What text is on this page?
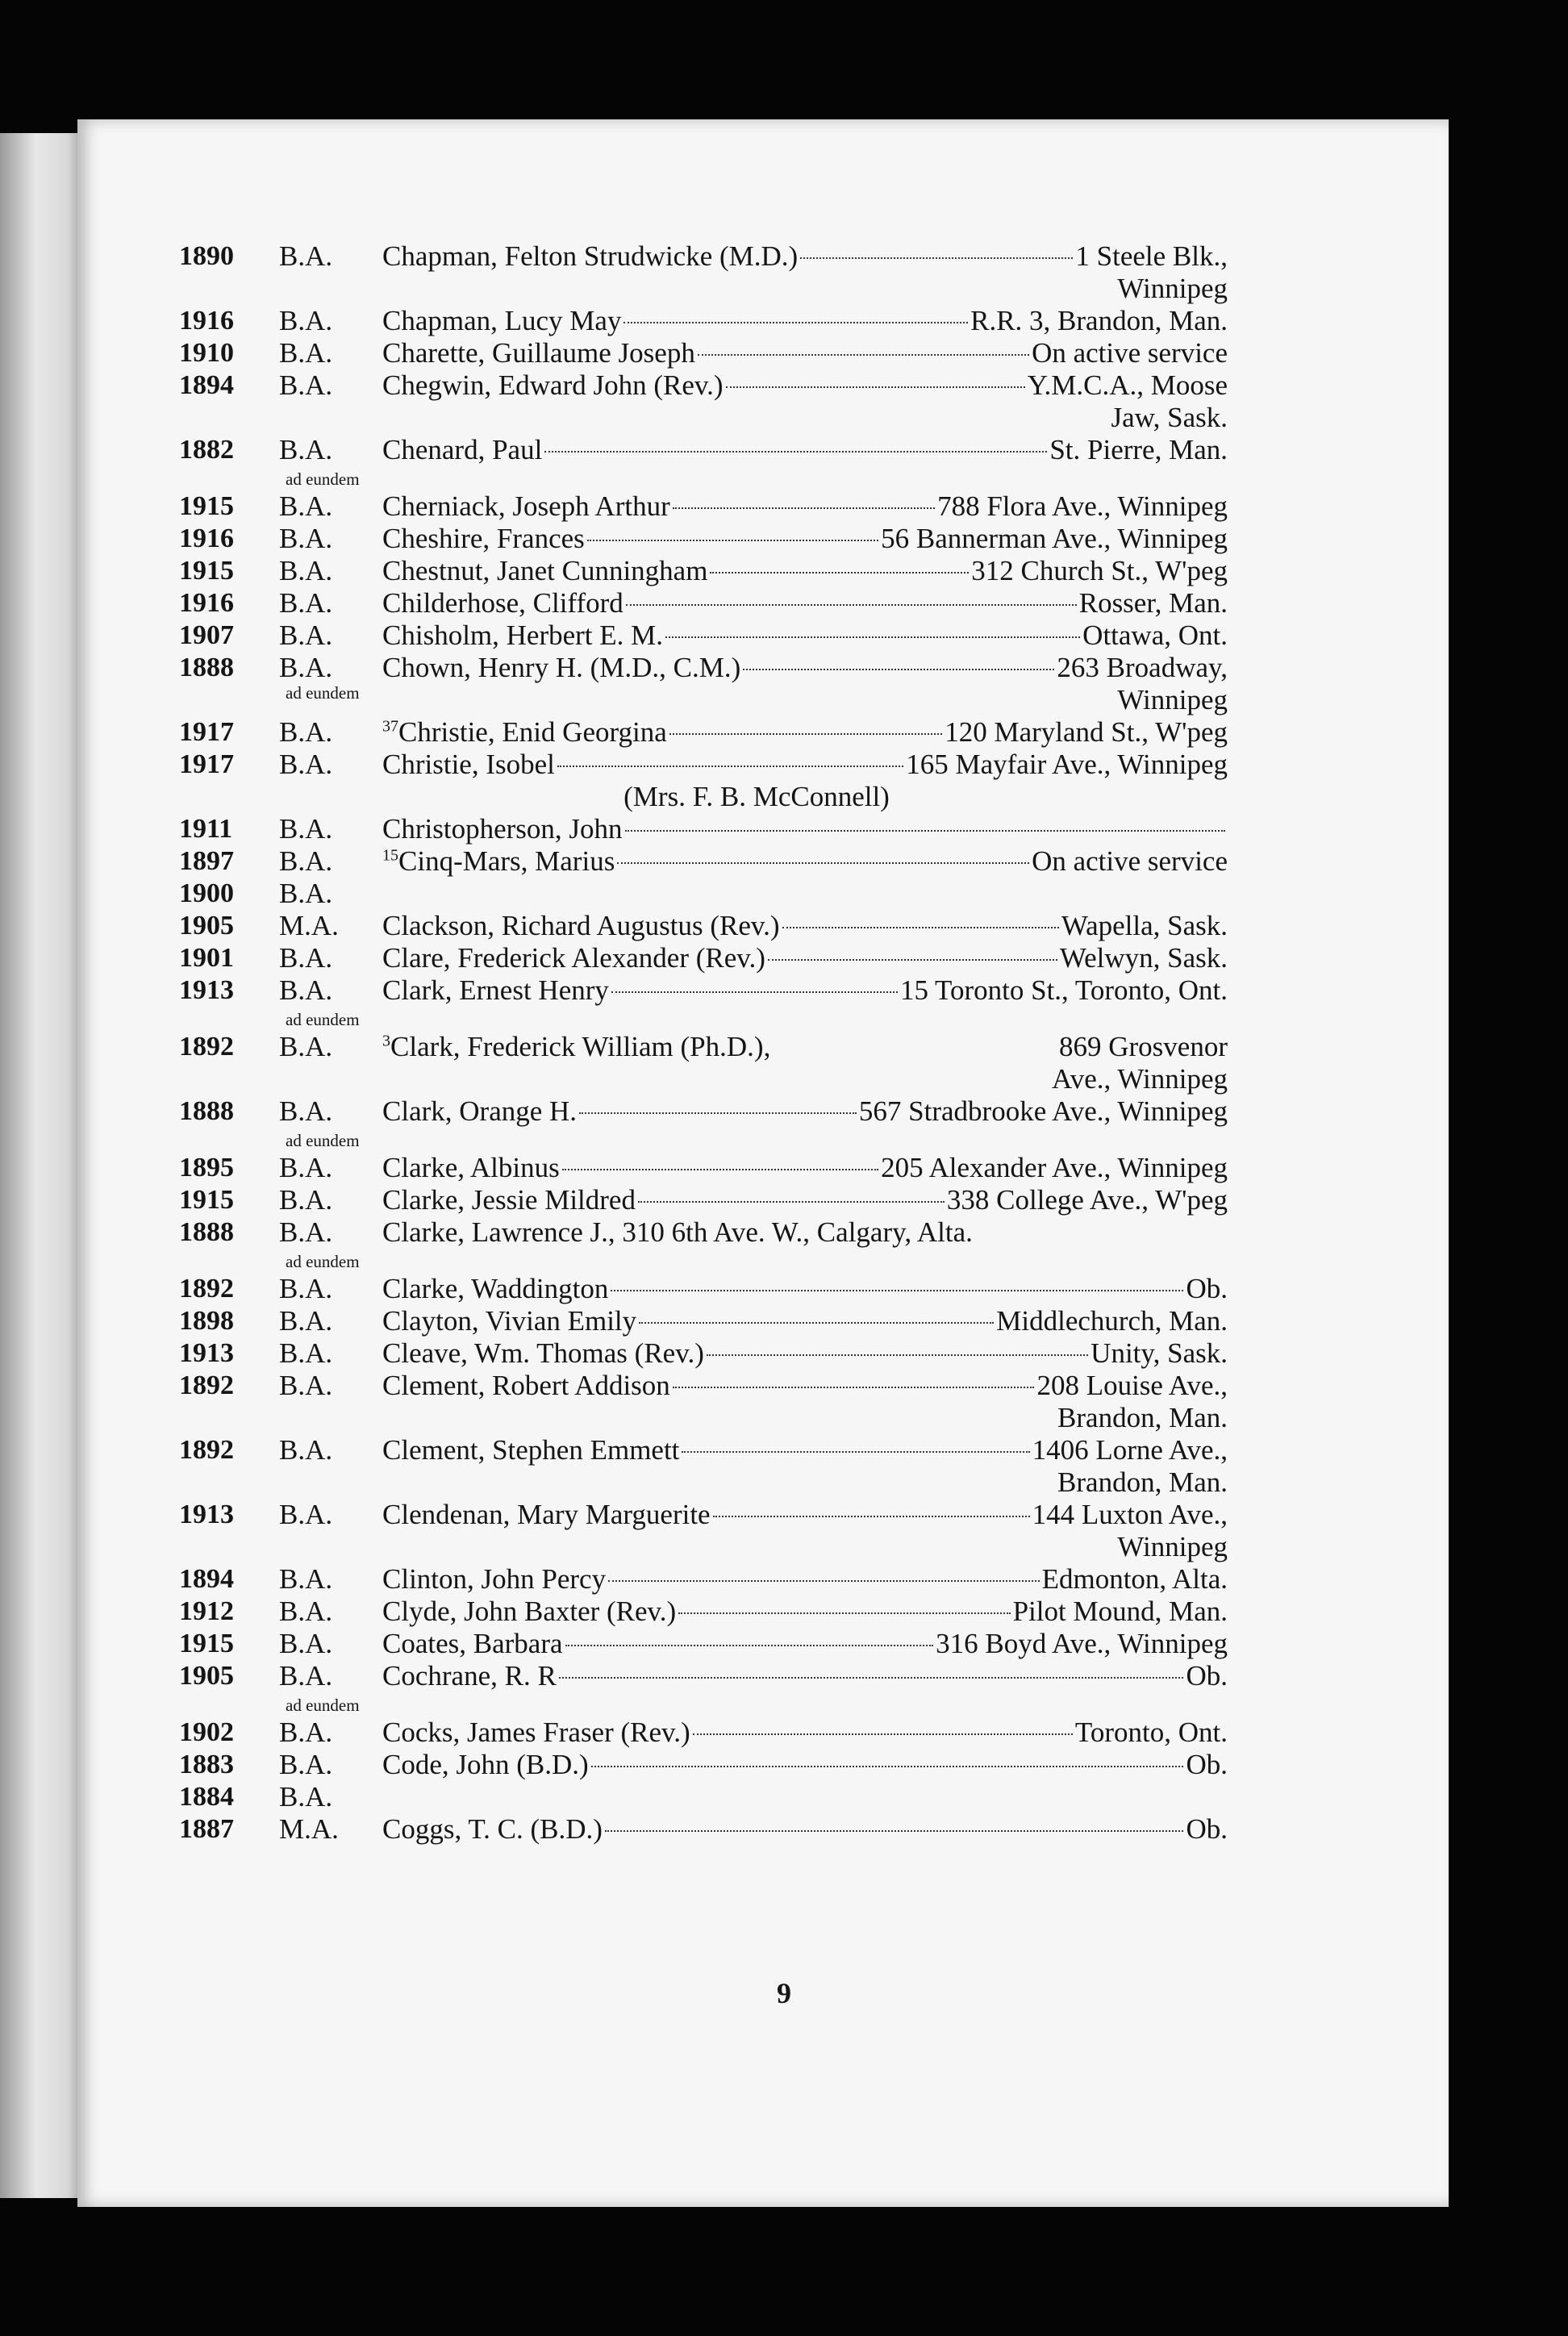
1890	B.A.	Chapman, Felton Strudwicke (M.D.)	1 Steele Blk.,
Winnipeg
1916	B.A.	Chapman, Lucy May	R.R. 3, Brandon, Man.
1910	B.A.	Charette, Guillaume Joseph	On active service
1894	B.A.	Chegwin, Edward John (Rev.)	Y.M.C.A., Moose
Jaw, Sask.
1882	B.A.	Chenard, Paul	St. Pierre, Man.
ad eundem
1915	B.A.	Cherniack, Joseph Arthur	788 Flora Ave., Winnipeg
1916	B.A.	Cheshire, Frances	56 Bannerman Ave., Winnipeg
1915	B.A.	Chestnut, Janet Cunningham	312 Church St., W'peg
1916	B.A.	Childerhose, Clifford	Rosser, Man.
1907	B.A.	Chisholm, Herbert E. M.	Ottawa, Ont.
1888	B.A.	Chown, Henry H. (M.D., C.M.)	263 Broadway,
Winnipeg
ad eundem
1917	B.A.	$^{37}$Christie, Enid Georgina	120 Maryland St., W'peg
1917	B.A.	Christie, Isobel	165 Mayfair Ave., Winnipeg
(Mrs. F. B. McConnell)
1911	B.A.	Christopherson, John
1897	B.A.	$^{15}$Cinq-Mars, Marius	On active service
1900	B.A.
1905	M.A.	Clackson, Richard Augustus (Rev.)	Wapella, Sask.
1901	B.A.	Clare, Frederick Alexander (Rev.)	Welwyn, Sask.
1913	B.A.	Clark, Ernest Henry	15 Toronto St., Toronto, Ont.
ad eundem
1892	B.A.	$^3$Clark, Frederick William (Ph.D.),	869 Grosvenor
Ave., Winnipeg
1888	B.A.	Clark, Orange H.	567 Stradbrooke Ave., Winnipeg
ad eundem
1895	B.A.	Clarke, Albinus	205 Alexander Ave., Winnipeg
1915	B.A.	Clarke, Jessie Mildred	338 College Ave., W'peg
1888	B.A.	Clarke, Lawrence J., 310 6th Ave. W., Calgary, Alta.
ad eundem
1892	B.A.	Clarke, Waddington	Ob.
1898	B.A.	Clayton, Vivian Emily	Middlechurch, Man.
1913	B.A.	Cleave, Wm. Thomas (Rev.)	Unity, Sask.
1892	B.A.	Clement, Robert Addison	208 Louise Ave.,
Brandon, Man.
1892	B.A.	Clement, Stephen Emmett	1406 Lorne Ave.,
Brandon, Man.
1913	B.A.	Clendenan, Mary Marguerite	144 Luxton Ave.,
Winnipeg
1894	B.A.	Clinton, John Percy	Edmonton, Alta.
1912	B.A.	Clyde, John Baxter (Rev.)	Pilot Mound, Man.
1915	B.A.	Coates, Barbara	316 Boyd Ave., Winnipeg
1905	B.A.	Cochrane, R. R	Ob.
ad eundem
1902	B.A.	Cocks, James Fraser (Rev.)	Toronto, Ont.
1883	B.A.	Code, John (B.D.)	Ob.
1884	B.A.
1887	M.A.	Coggs, T. C. (B.D.)	Ob.
9
